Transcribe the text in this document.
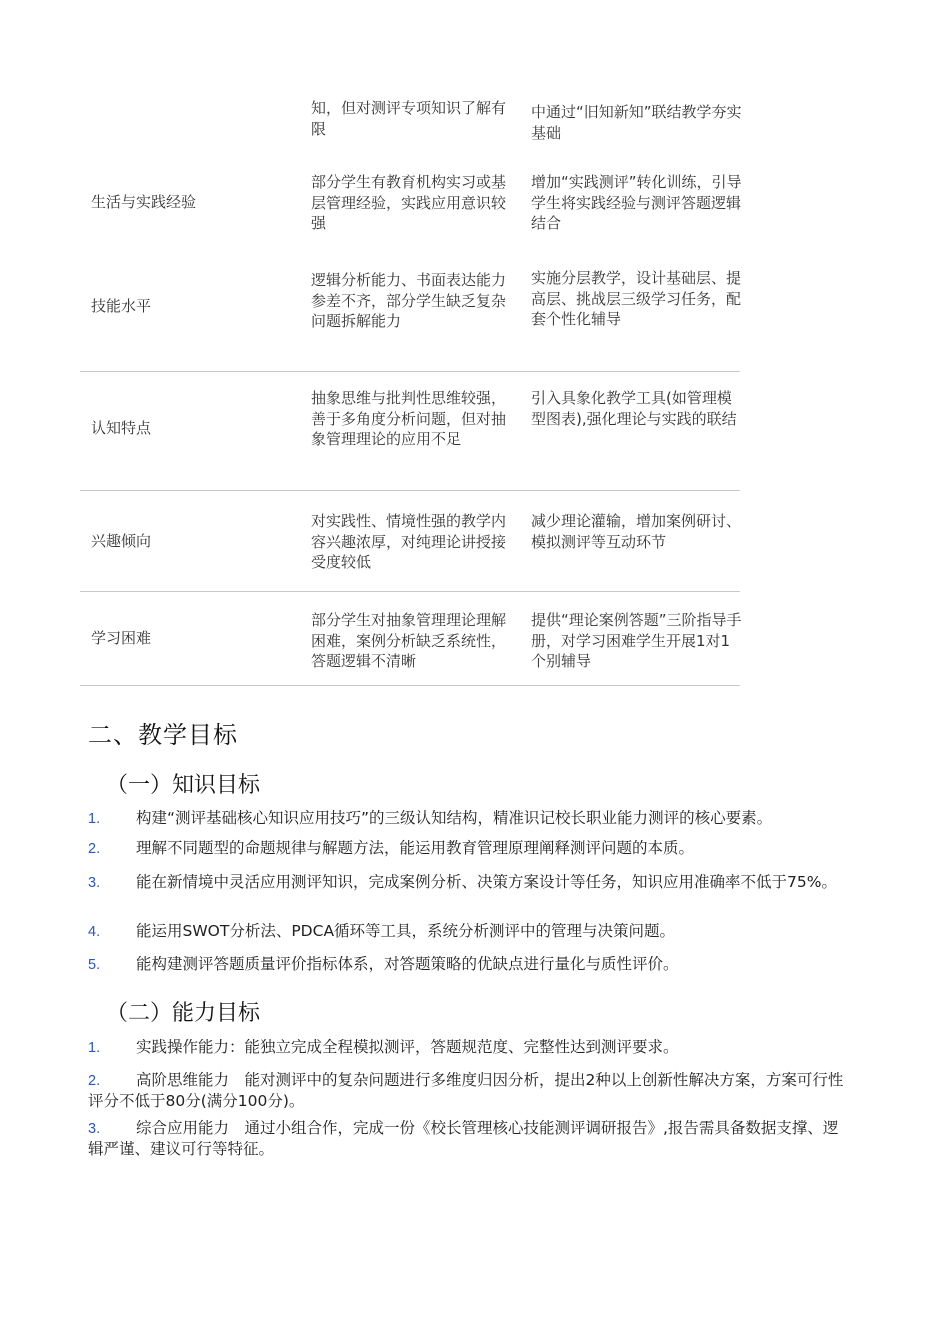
知，但对测评专项知识了解有限
中通过“旧知新知”联结教学夯实基础
生活与实践经验
部分学生有教育机构实习或基层管理经验，实践应用意识较强
增加“实践测评”转化训练，引导学生将实践经验与测评答题逻辑结合
技能水平
逻辑分析能力、书面表达能力参差不齐，部分学生缺乏复杂问题拆解能力
实施分层教学，设计基础层、提高层、挑战层三级学习任务，配套个性化辅导
认知特点
抽象思维与批判性思维较强，善于多角度分析问题，但对抽象管理理论的应用不足
引入具象化教学工具(如管理模型图表),强化理论与实践的联结
兴趣倾向
对实践性、情境性强的教学内容兴趣浓厚，对纯理论讲授接受度较低
减少理论灌输，增加案例研讨、模拟测评等互动环节
学习困难
部分学生对抽象管理理论理解困难，案例分析缺乏系统性，答题逻辑不清晰
提供“理论案例答题”三阶指导手册，对学习困难学生开展1对1个别辅导
二、教学目标
（一）知识目标
1. 构建“测评基础核心知识应用技巧”的三级认知结构，精准识记校长职业能力测评的核心要素。
2. 理解不同题型的命题规律与解题方法，能运用教育管理原理阐释测评问题的本质。
3. 能在新情境中灵活应用测评知识，完成案例分析、决策方案设计等任务，知识应用准确率不低于75%。
4. 能运用SWOT分析法、PDCA循环等工具，系统分析测评中的管理与决策问题。
5. 能构建测评答题质量评价指标体系，对答题策略的优缺点进行量化与质性评价。
（二）能力目标
1. 实践操作能力：能独立完成全程模拟测评，答题规范度、完整性达到测评要求。
2. 高阶思维能力　能对测评中的复杂问题进行多维度归因分析，提出2种以上创新性解决方案，方案可行性评分不低于80分(满分100分)。
3. 综合应用能力　通过小组合作，完成一份《校长管理核心技能测评调研报告》,报告需具备数据支撑、逻辑严谨、建议可行等特征。
